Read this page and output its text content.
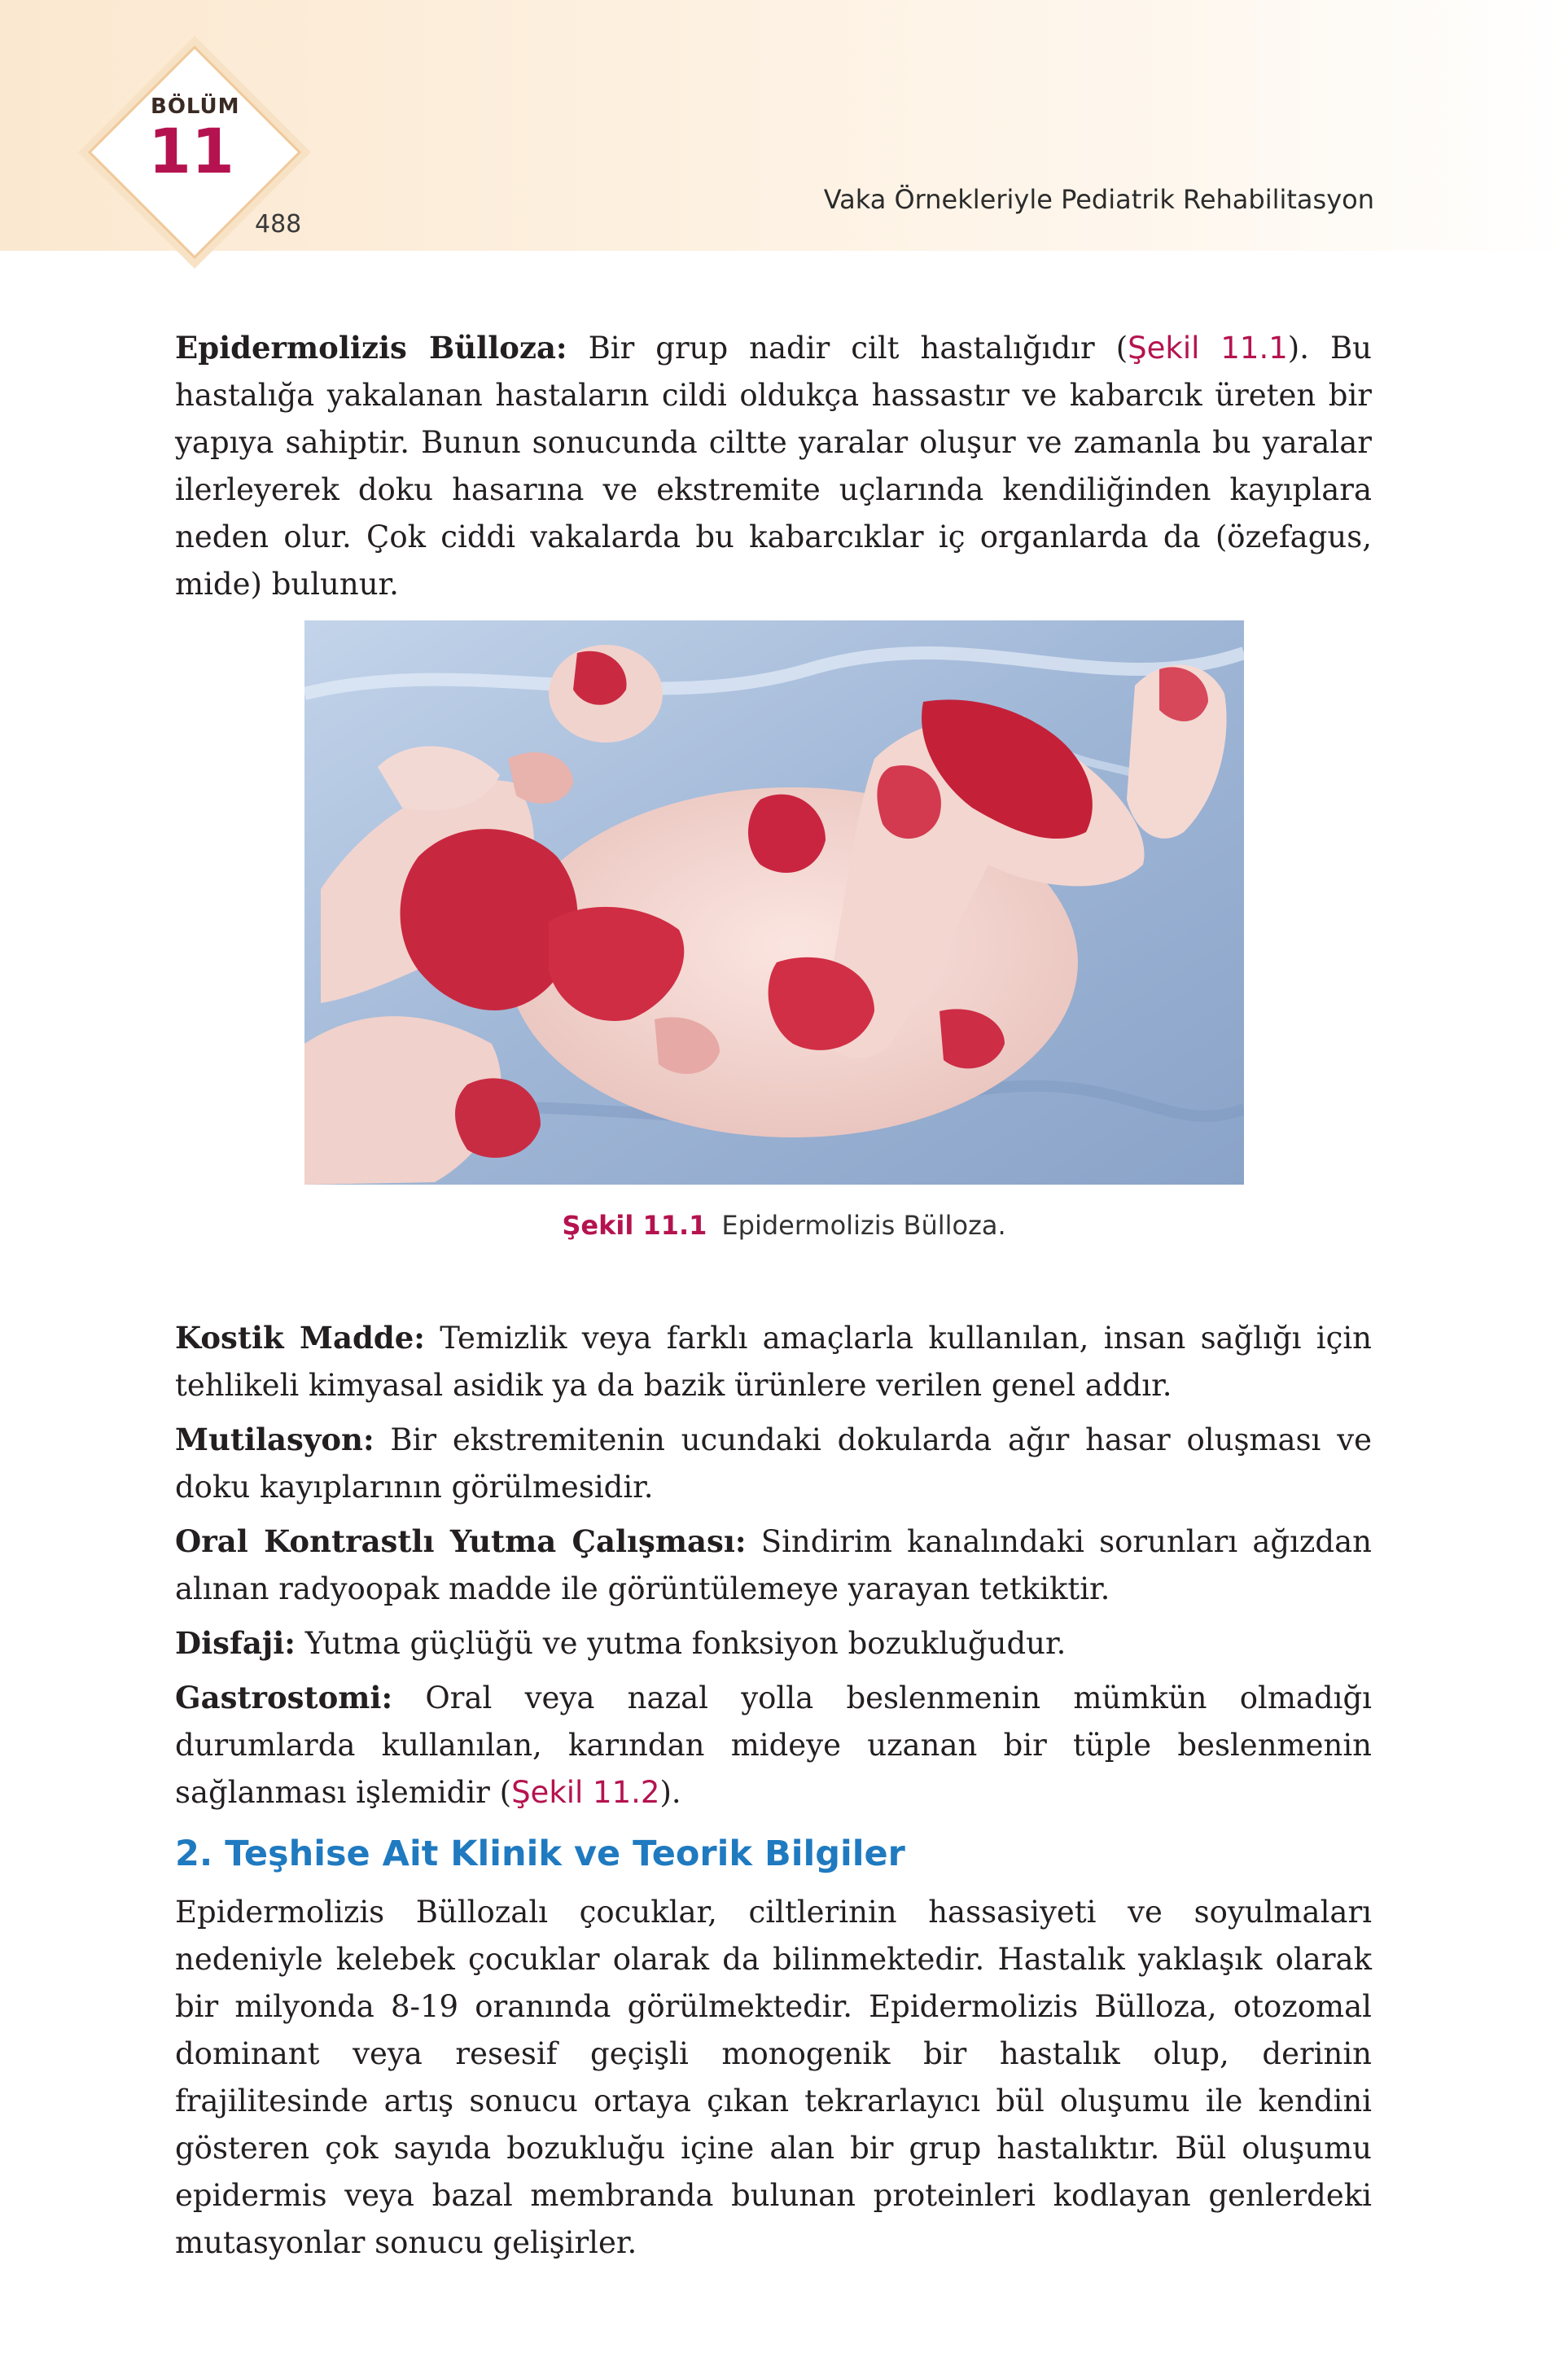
BÖLÜM
11
488
Vaka Örnekleriyle Pediatrik Rehabilitasyon

Epidermolizis Bülloza: Bir grup nadir cilt hastalığıdır (Şekil 11.1). Bu hastalığa yakalanan hastaların cildi oldukça hassastır ve kabarcık üreten bir yapıya sahiptir. Bunun sonucunda ciltte yaralar oluşur ve zamanla bu yaralar ilerleyerek doku hasarına ve ekstremite uçlarında kendiliğinden kayıplara neden olur. Çok ciddi vakalarda bu kabarcıklar iç organlarda da (özefagus, mide) bulunur.

Şekil 11.1 Epidermolizis Bülloza.

Kostik Madde: Temizlik veya farklı amaçlarla kullanılan, insan sağlığı için tehlikeli kimyasal asidik ya da bazik ürünlere verilen genel addır.

Mutilasyon: Bir ekstremitenin ucundaki dokularda ağır hasar oluşması ve doku kayıplarının görülmesidir.

Oral Kontrastlı Yutma Çalışması: Sindirim kanalındaki sorunları ağızdan alınan radyoopak madde ile görüntülemeye yarayan tetkiktir.

Disfaji: Yutma güçlüğü ve yutma fonksiyon bozukluğudur.

Gastrostomi: Oral veya nazal yolla beslenmenin mümkün olmadığı durumlarda kullanılan, karından mideye uzanan bir tüple beslenmenin sağlanması işlemidir (Şekil 11.2).

2. Teşhise Ait Klinik ve Teorik Bilgiler

Epidermolizis Büllozalı çocuklar, ciltlerinin hassasiyeti ve soyulmaları nedeniyle kelebek çocuklar olarak da bilinmektedir. Hastalık yaklaşık olarak bir milyonda 8-19 oranında görülmektedir. Epidermolizis Bülloza, otozomal dominant veya resesif geçişli monogenik bir hastalık olup, derinin frajilitesinde artış sonucu ortaya çıkan tekrarlayıcı bül oluşumu ile kendini gösteren çok sayıda bozukluğu içine alan bir grup hastalıktır. Bül oluşumu epidermis veya bazal membranda bulunan proteinleri kodlayan genlerdeki mutasyonlar sonucu gelişirler.
